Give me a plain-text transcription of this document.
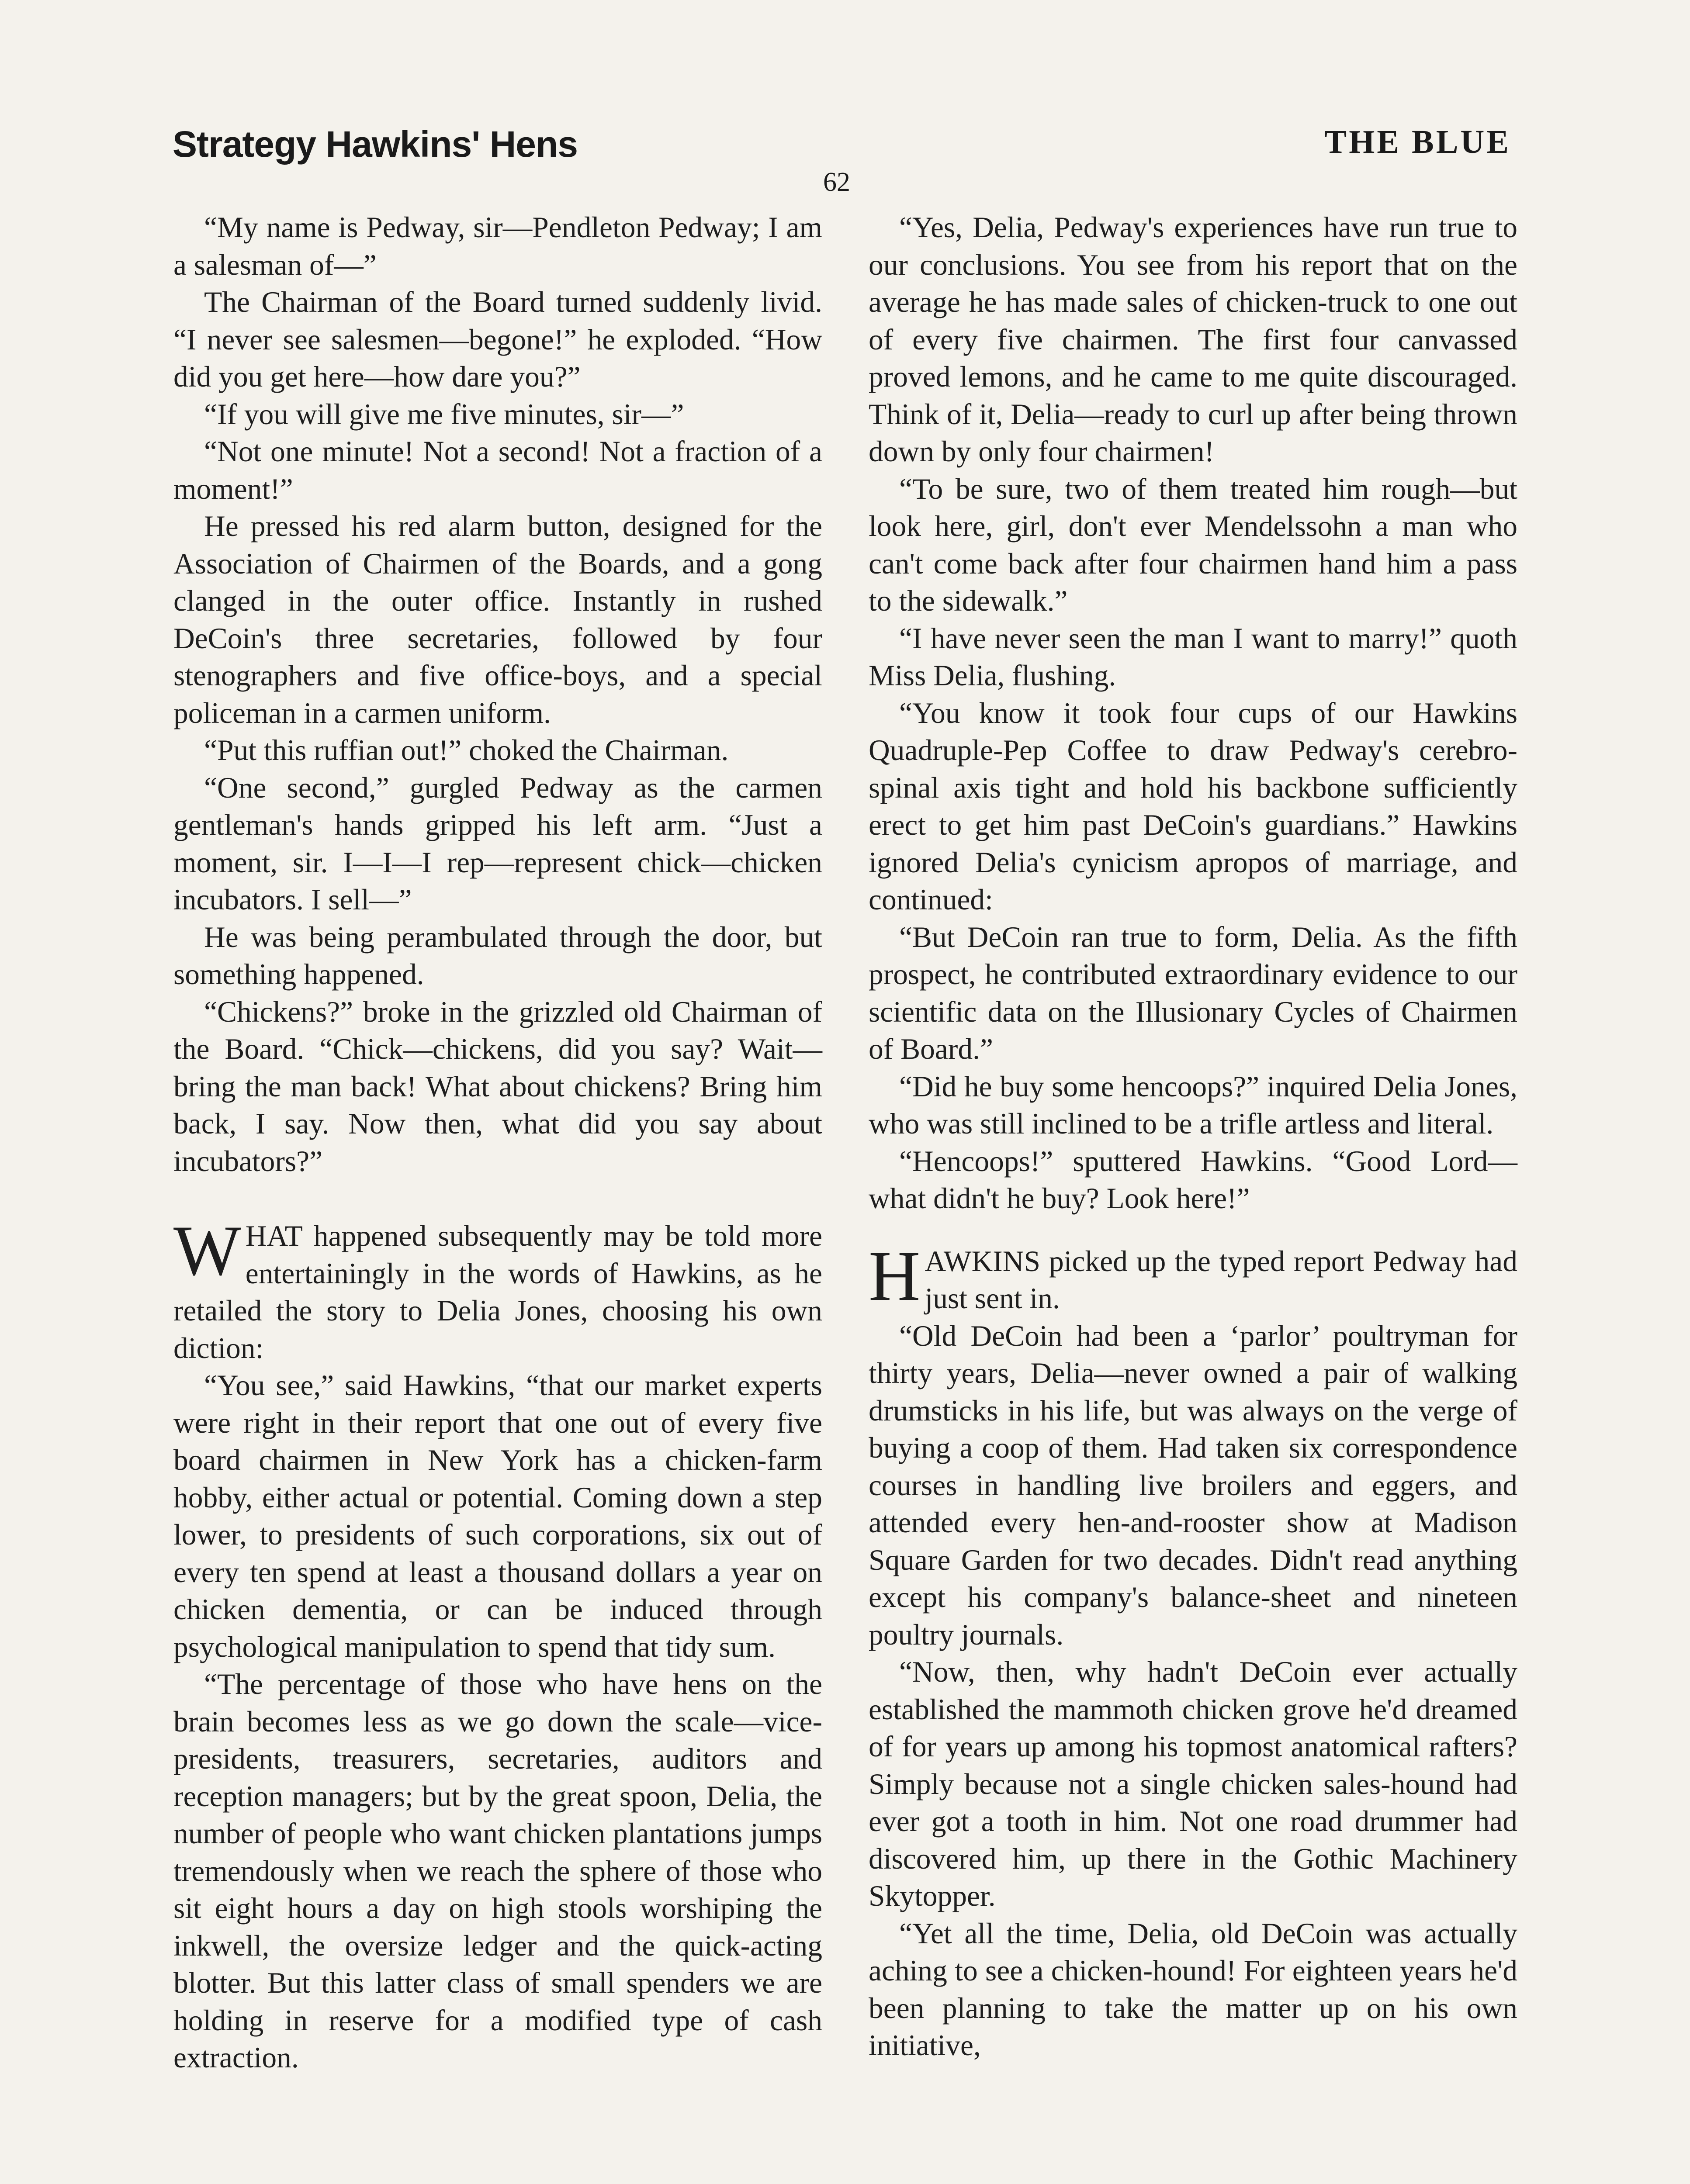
Strategy Hawkins' Hens	THE BLUE
62

“My name is Pedway, sir—Pendleton Pedway; I am a salesman of—”

The Chairman of the Board turned suddenly livid. “I never see salesmen—begone!” he exploded. “How did you get here—how dare you?”

“If you will give me five minutes, sir—”

“Not one minute! Not a second! Not a fraction of a moment!”

He pressed his red alarm button, designed for the Association of Chairmen of the Boards, and a gong clanged in the outer office. Instantly in rushed DeCoin's three secretaries, followed by four stenographers and five office-boys, and a special policeman in a carmen uniform.

“Put this ruffian out!” choked the Chairman.

“One second,” gurgled Pedway as the carmen gentleman's hands gripped his left arm. “Just a moment, sir. I—I—I rep—represent chick—chicken incubators. I sell—”

He was being perambulated through the door, but something happened.

“Chickens?” broke in the grizzled old Chairman of the Board. “Chick—chickens, did you say? Wait—bring the man back! What about chickens? Bring him back, I say. Now then, what did you say about incubators?”

WHAT happened subsequently may be told more entertainingly in the words of Hawkins, as he retailed the story to Delia Jones, choosing his own diction:

“You see,” said Hawkins, “that our market experts were right in their report that one out of every five board chairmen in New York has a chicken-farm hobby, either actual or potential. Coming down a step lower, to presidents of such corporations, six out of every ten spend at least a thousand dollars a year on chicken dementia, or can be induced through psychological manipulation to spend that tidy sum.

“The percentage of those who have hens on the brain becomes less as we go down the scale—vice-presidents, treasurers, secretaries, auditors and reception managers; but by the great spoon, Delia, the number of people who want chicken plantations jumps tremendously when we reach the sphere of those who sit eight hours a day on high stools worshiping the inkwell, the oversize ledger and the quick-acting blotter. But this latter class of small spenders we are holding in reserve for a modified type of cash extraction.

“Yes, Delia, Pedway's experiences have run true to our conclusions. You see from his report that on the average he has made sales of chicken-truck to one out of every five chairmen. The first four canvassed proved lemons, and he came to me quite discouraged. Think of it, Delia—ready to curl up after being thrown down by only four chairmen!

“To be sure, two of them treated him rough—but look here, girl, don't ever Mendelssohn a man who can't come back after four chairmen hand him a pass to the sidewalk.”

“I have never seen the man I want to marry!” quoth Miss Delia, flushing.

“You know it took four cups of our Hawkins Quadruple-Pep Coffee to draw Pedway's cerebro-spinal axis tight and hold his backbone sufficiently erect to get him past DeCoin's guardians.” Hawkins ignored Delia's cynicism apropos of marriage, and continued:

“But DeCoin ran true to form, Delia. As the fifth prospect, he contributed extraordinary evidence to our scientific data on the Illusionary Cycles of Chairmen of Board.”

“Did he buy some hencoops?” inquired Delia Jones, who was still inclined to be a trifle artless and literal.

“Hencoops!” sputtered Hawkins. “Good Lord—what didn't he buy? Look here!”

HAWKINS picked up the typed report Pedway had just sent in.

“Old DeCoin had been a ‘parlor’ poultryman for thirty years, Delia—never owned a pair of walking drumsticks in his life, but was always on the verge of buying a coop of them. Had taken six correspondence courses in handling live broilers and eggers, and attended every hen-and-rooster show at Madison Square Garden for two decades. Didn't read anything except his company's balance-sheet and nineteen poultry journals.

“Now, then, why hadn't DeCoin ever actually established the mammoth chicken grove he'd dreamed of for years up among his topmost anatomical rafters? Simply because not a single chicken sales-hound had ever got a tooth in him. Not one road drummer had discovered him, up there in the Gothic Machinery Skytopper.

“Yet all the time, Delia, old DeCoin was actually aching to see a chicken-hound! For eighteen years he'd been planning to take the matter up on his own initiative,
